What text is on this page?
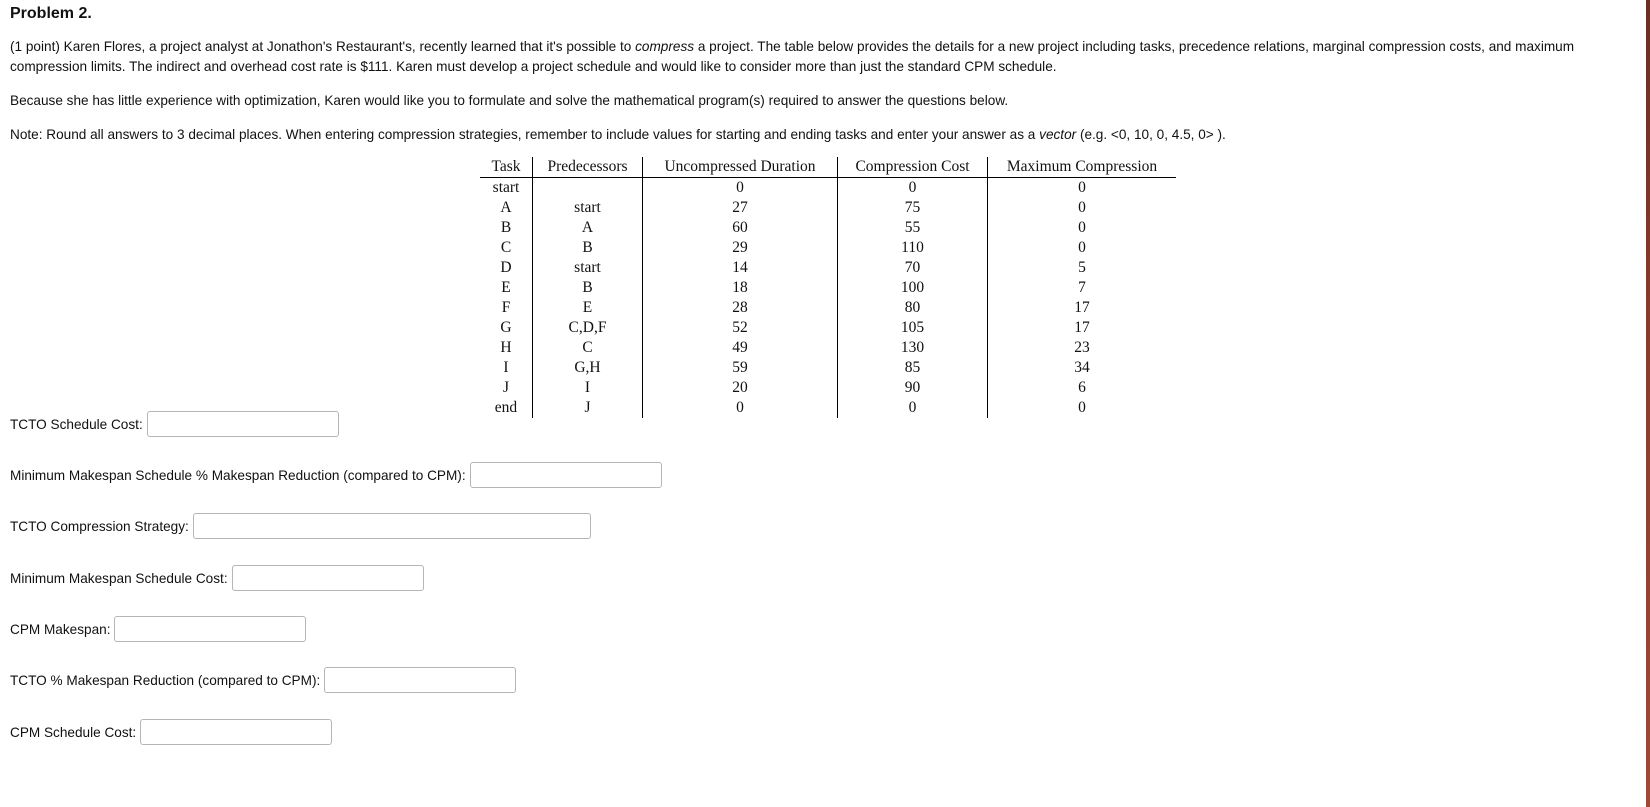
Problem 2.
(1 point) Karen Flores, a project analyst at Jonathon's Restaurant's, recently learned that it's possible to compress a project. The table below provides the details for a new project including tasks, precedence relations, marginal compression costs, and maximum compression limits. The indirect and overhead cost rate is $111. Karen must develop a project schedule and would like to consider more than just the standard CPM schedule.
Because she has little experience with optimization, Karen would like you to formulate and solve the mathematical program(s) required to answer the questions below.
Note: Round all answers to 3 decimal places. When entering compression strategies, remember to include values for starting and ending tasks and enter your answer as a vector (e.g. <0, 10, 0, 4.5, 0> ).
Task	Predecessors	Uncompressed Duration	Compression Cost	Maximum Compression
start		0	0	0
A	start	27	75	0
B	A	60	55	0
C	B	29	110	0
D	start	14	70	5
E	B	18	100	7
F	E	28	80	17
G	C,D,F	52	105	17
H	C	49	130	23
I	G,H	59	85	34
J	I	20	90	6
end	J	0	0	0
TCTO Schedule Cost:
Minimum Makespan Schedule % Makespan Reduction (compared to CPM):
TCTO Compression Strategy:
Minimum Makespan Schedule Cost:
CPM Makespan:
TCTO % Makespan Reduction (compared to CPM):
CPM Schedule Cost:
